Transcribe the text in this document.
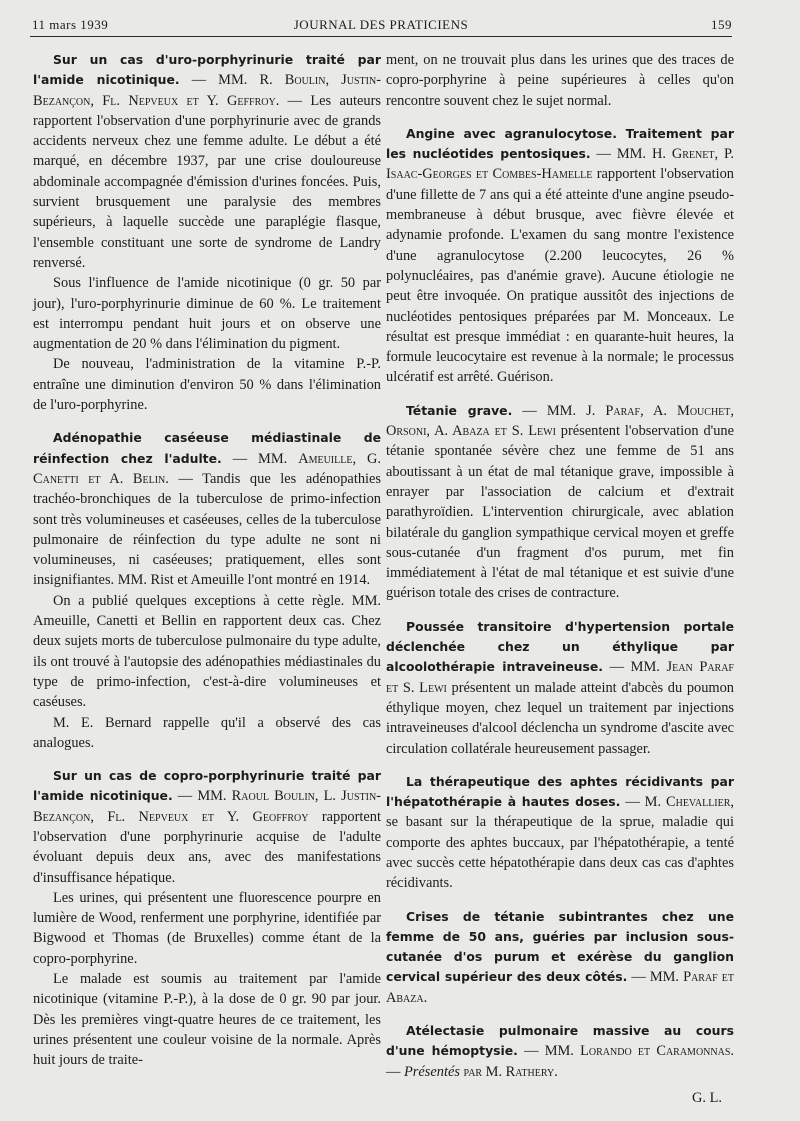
11 mars 1939	JOURNAL DES PRATICIENS	159

Sur un cas d'uro-porphyrinurie traité par l'amide nicotinique. — MM. R. Boulin, Justin-Bezançon, Fl. Nepveux et Y. Geffroy. — Les auteurs rapportent l'observation d'une porphyrinurie avec de grands accidents nerveux chez une femme adulte. Le début a été marqué, en décembre 1937, par une crise douloureuse abdominale accompagnée d'émission d'urines foncées. Puis, survient brusquement une paralysie des membres supérieurs, à laquelle succède une paraplégie flasque, l'ensemble constituant une sorte de syndrome de Landry renversé.

Sous l'influence de l'amide nicotinique (0 gr. 50 par jour), l'uro-porphyrinurie diminue de 60 %. Le traitement est interrompu pendant huit jours et on observe une augmentation de 20 % dans l'élimination du pigment.

De nouveau, l'administration de la vitamine P.-P. entraîne une diminution d'environ 50 % dans l'élimination de l'uro-porphyrine.

Adénopathie caséeuse médiastinale de réinfection chez l'adulte. — MM. Ameuille, G. Canetti et A. Belin. — Tandis que les adénopathies trachéo-bronchiques de la tuberculose de primo-infection sont très volumineuses et caséeuses, celles de la tuberculose pulmonaire de réinfection du type adulte ne sont ni volumineuses, ni caséeuses; pratiquement, elles sont insignifiantes. MM. Rist et Ameuille l'ont montré en 1914.

On a publié quelques exceptions à cette règle. MM. Ameuille, Canetti et Bellin en rapportent deux cas. Chez deux sujets morts de tuberculose pulmonaire du type adulte, ils ont trouvé à l'autopsie des adénopathies médiastinales du type de primo-infection, c'est-à-dire volumineuses et caséuses.

M. E. Bernard rappelle qu'il a observé des cas analogues.

Sur un cas de copro-porphyrinurie traité par l'amide nicotinique. — MM. Raoul Boulin, L. Justin-Bezançon, Fl. Nepveux et Y. Geoffroy rapportent l'observation d'une porphyrinurie acquise de l'adulte évoluant depuis deux ans, avec des manifestations d'insuffisance hépatique.

Les urines, qui présentent une fluorescence pourpre en lumière de Wood, renferment une porphyrine, identifiée par Bigwood et Thomas (de Bruxelles) comme étant de la copro-porphyrine.

Le malade est soumis au traitement par l'amide nicotinique (vitamine P.-P.), à la dose de 0 gr. 90 par jour. Dès les premières vingt-quatre heures de ce traitement, les urines présentent une couleur voisine de la normale. Après huit jours de traite-

ment, on ne trouvait plus dans les urines que des traces de copro-porphyrine à peine supérieures à celles qu'on rencontre souvent chez le sujet normal.

Angine avec agranulocytose. Traitement par les nucléotides pentosiques. — MM. H. Grenet, P. Isaac-Georges et Combes-Hamelle rapportent l'observation d'une fillette de 7 ans qui a été atteinte d'une angine pseudo-membraneuse à début brusque, avec fièvre élevée et adynamie profonde. L'examen du sang montre l'existence d'une agranulocytose (2.200 leucocytes, 26 % polynucléaires, pas d'anémie grave). Aucune étiologie ne peut être invoquée. On pratique aussitôt des injections de nucléotides pentosiques préparées par M. Monceaux. Le résultat est presque immédiat : en quarante-huit heures, la formule leucocytaire est revenue à la normale; le processus ulcératif est arrêté. Guérison.

Tétanie grave. — MM. J. Paraf, A. Mouchet, Orsoni, A. Abaza et S. Lewi présentent l'observation d'une tétanie spontanée sévère chez une femme de 51 ans aboutissant à un état de mal tétanique grave, impossible à enrayer par l'association de calcium et d'extrait parathyroïdien. L'intervention chirurgicale, avec ablation bilatérale du ganglion sympathique cervical moyen et greffe sous-cutanée d'un fragment d'os purum, met fin immédiatement à l'état de mal tétanique et est suivie d'une guérison totale des crises de contracture.

Poussée transitoire d'hypertension portale déclenchée chez un éthylique par alcoolothérapie intraveineuse. — MM. Jean Paraf et S. Lewi présentent un malade atteint d'abcès du poumon éthylique moyen, chez lequel un traitement par injections intraveineuses d'alcool déclencha un syndrome d'ascite avec circulation collatérale heureusement passager.

La thérapeutique des aphtes récidivants par l'hépatothérapie à hautes doses. — M. Chevallier, se basant sur la thérapeutique de la sprue, maladie qui comporte des aphtes buccaux, par l'hépatothérapie, a tenté avec succès cette hépatothérapie dans deux cas cas d'aphtes récidivants.

Crises de tétanie subintrantes chez une femme de 50 ans, guéries par inclusion sous-cutanée d'os purum et exérèse du ganglion cervical supérieur des deux côtés. — MM. Paraf et Abaza.

Atélectasie pulmonaire massive au cours d'une hémoptysie. — MM. Lorando et Caramonnas. — Présentés par M. Rathery.

G. L.
